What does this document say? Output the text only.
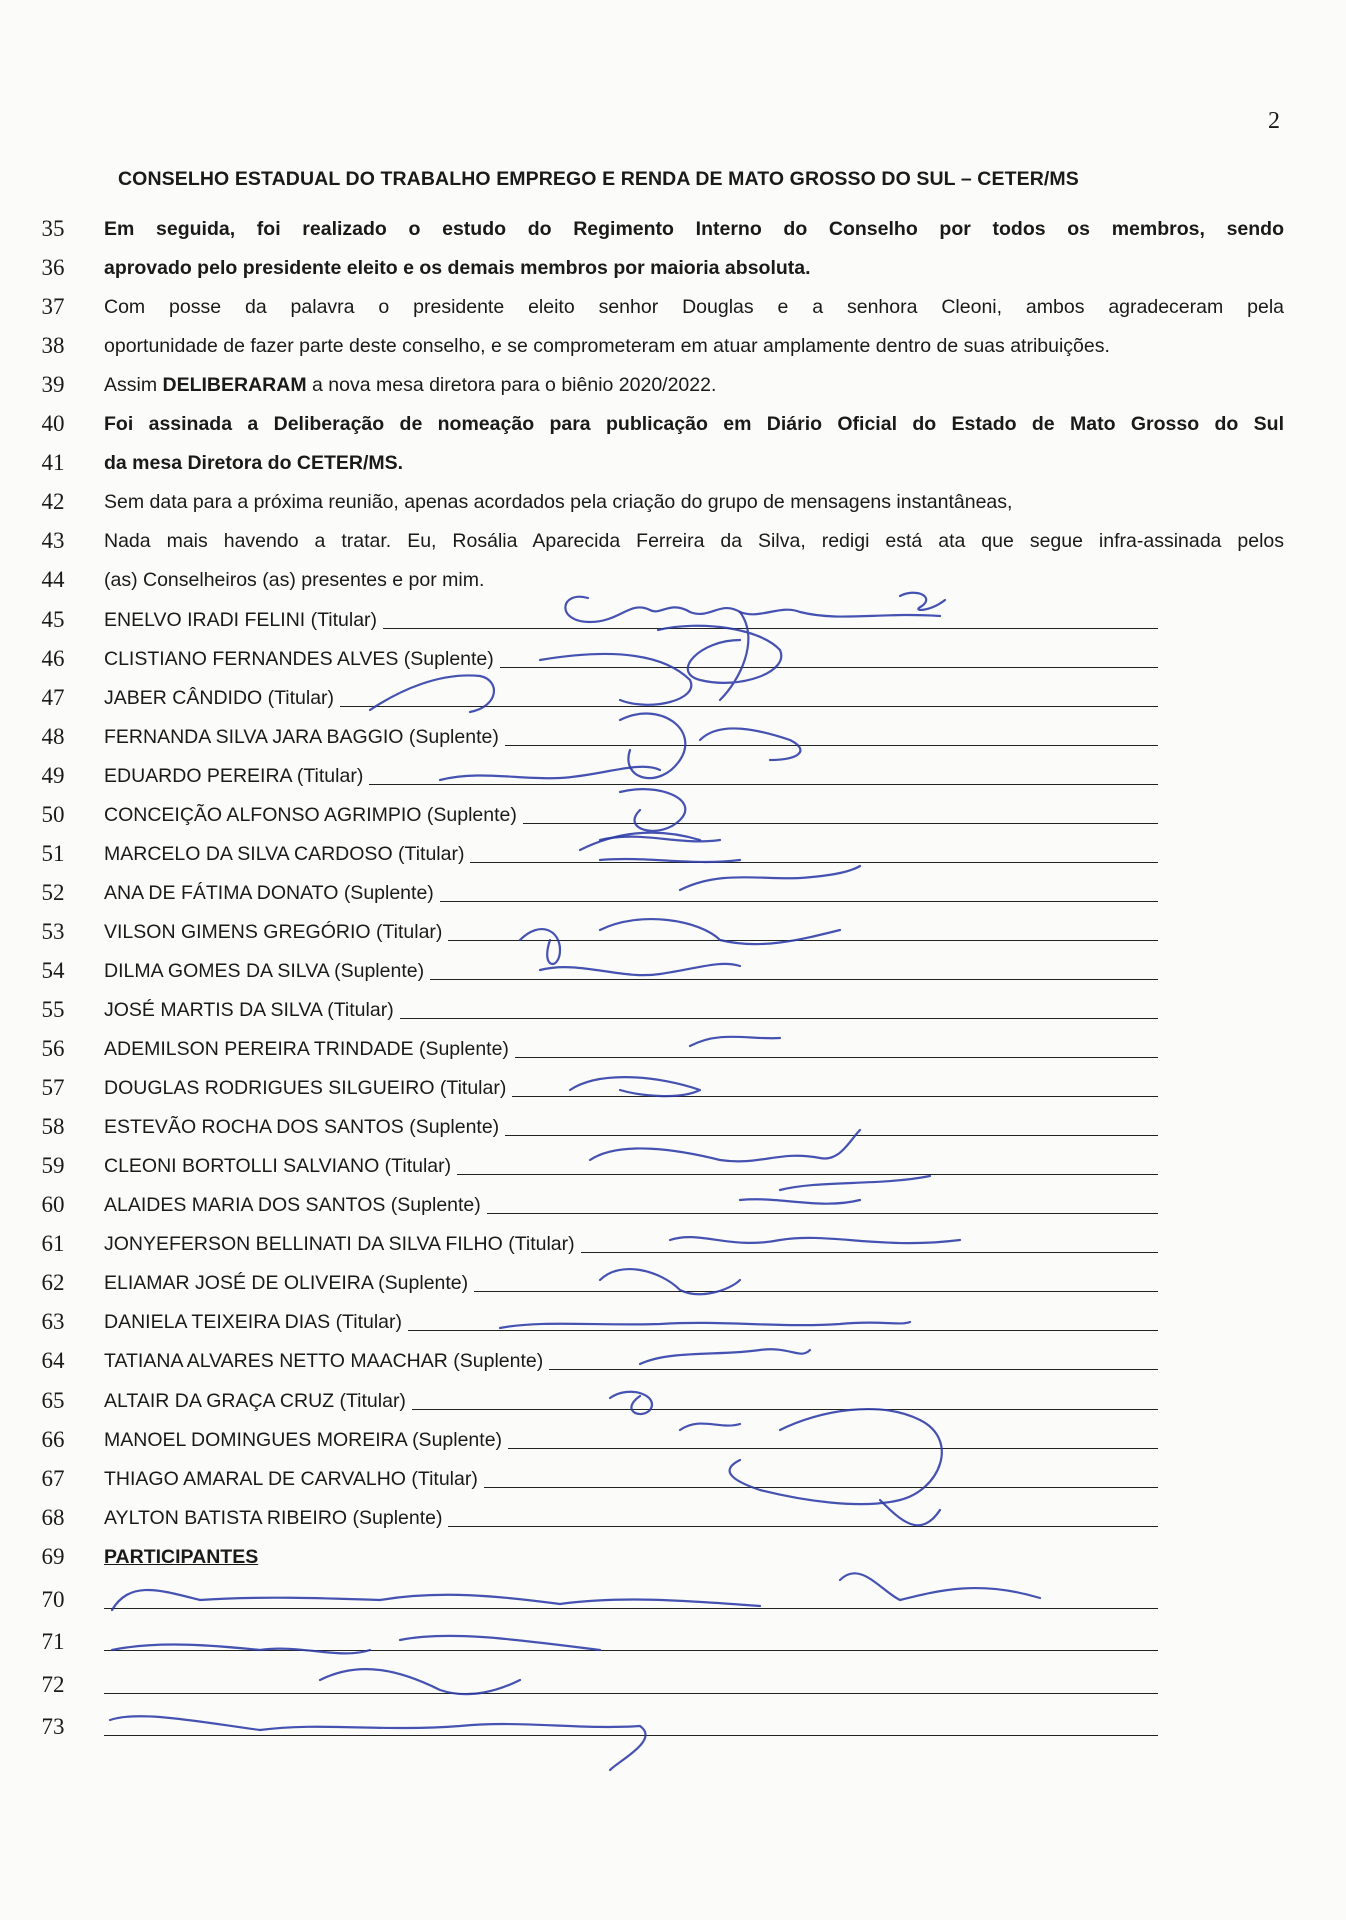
2
CONSELHO ESTADUAL DO TRABALHO EMPREGO E RENDA DE MATO GROSSO DO SUL – CETER/MS
35 Em seguida, foi realizado o estudo do Regimento Interno do Conselho por todos os membros, sendo
36 aprovado pelo presidente eleito e os demais membros por maioria absoluta.
37 Com posse da palavra o presidente eleito senhor Douglas e a senhora Cleoni, ambos agradeceram pela
38 oportunidade de fazer parte deste conselho, e se comprometeram em atuar amplamente dentro de suas atribuições.
39 Assim DELIBERARAM a nova mesa diretora para o biênio 2020/2022.
40 Foi assinada a Deliberação de nomeação para publicação em Diário Oficial do Estado de Mato Grosso do Sul
41 da mesa Diretora do CETER/MS.
42 Sem data para a próxima reunião, apenas acordados pela criação do grupo de mensagens instantâneas,
43 Nada mais havendo a tratar. Eu, Rosália Aparecida Ferreira da Silva, redigi está ata que segue infra-assinada pelos
44 (as) Conselheiros (as) presentes e por mim.
45 ENELVO IRADI FELINI (Titular)
46 CLISTIANO FERNANDES ALVES (Suplente)
47 JABER CÂNDIDO (Titular)
48 FERNANDA SILVA JARA BAGGIO (Suplente)
49 EDUARDO PEREIRA (Titular)
50 CONCEIÇÃO ALFONSO AGRIMPIO (Suplente)
51 MARCELO DA SILVA CARDOSO (Titular)
52 ANA DE FÁTIMA DONATO (Suplente)
53 VILSON GIMENS GREGÓRIO (Titular)
54 DILMA GOMES DA SILVA (Suplente)
55 JOSÉ MARTIS DA SILVA (Titular)
56 ADEMILSON PEREIRA TRINDADE (Suplente)
57 DOUGLAS RODRIGUES SILGUEIRO (Titular)
58 ESTEVÃO ROCHA DOS SANTOS (Suplente)
59 CLEONI BORTOLLI SALVIANO (Titular)
60 ALAIDES MARIA DOS SANTOS (Suplente)
61 JONYEFERSON BELLINATI DA SILVA FILHO (Titular)
62 ELIAMAR JOSÉ DE OLIVEIRA (Suplente)
63 DANIELA TEIXEIRA DIAS (Titular)
64 TATIANA ALVARES NETTO MAACHAR (Suplente)
65 ALTAIR DA GRAÇA CRUZ (Titular)
66 MANOEL DOMINGUES MOREIRA (Suplente)
67 THIAGO AMARAL DE CARVALHO (Titular)
68 AYLTON BATISTA RIBEIRO (Suplente)
69 PARTICIPANTES
70
71
72
73
